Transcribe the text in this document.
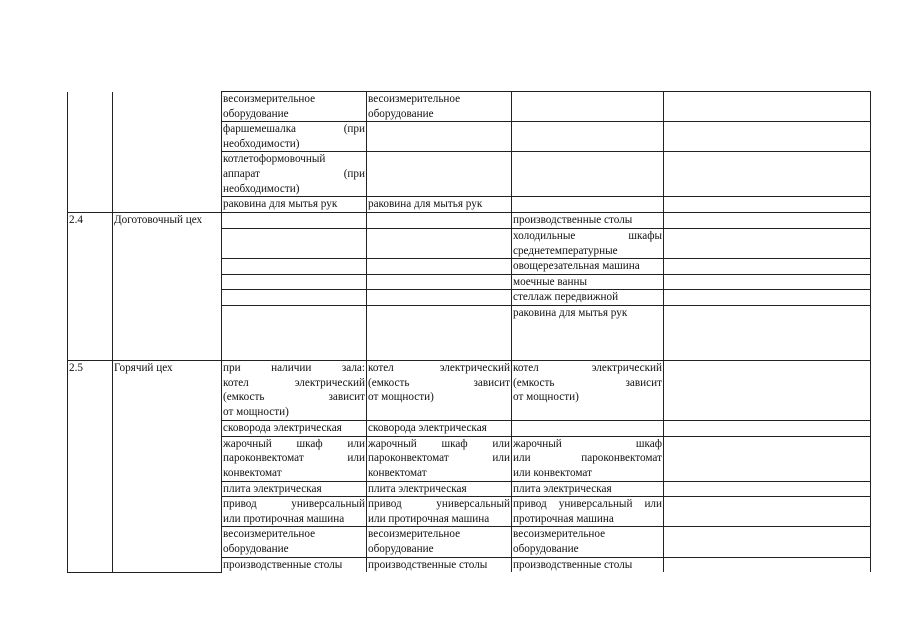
		весоизмерительное
оборудование	весоизмерительное
оборудование		

		фаршемешалка (при
необходимости)			

		котлетоформовочный
аппарат (при
необходимости)			

		раковина для мытья рук	раковина для мытья рук		

2.4	Доготовочный цех			производственные столы	

				холодильные шкафы
среднетемпературные	

				овощерезательная машина	

				моечные ванны	

				стеллаж передвижной	

				раковина для мытья рук	

2.5	Горячий цех	при наличии зала:
котел электрический
(емкость зависит
от мощности)	котел электрический
(емкость зависит
от мощности)	котел электрический
(емкость зависит
от мощности)	

		сковорода электрическая	сковорода электрическая		

		жарочный шкаф или
пароконвектомат или
конвектомат	жарочный шкаф или
пароконвектомат или
конвектомат	жарочный шкаф
или пароконвектомат
или конвектомат	

		плита электрическая	плита электрическая	плита электрическая	

		привод универсальный
или протирочная машина	привод универсальный
или протирочная машина	привод универсальный или
протирочная машина	

		весоизмерительное
оборудование	весоизмерительное
оборудование	весоизмерительное
оборудование	

		производственные столы	производственные столы	производственные столы	
